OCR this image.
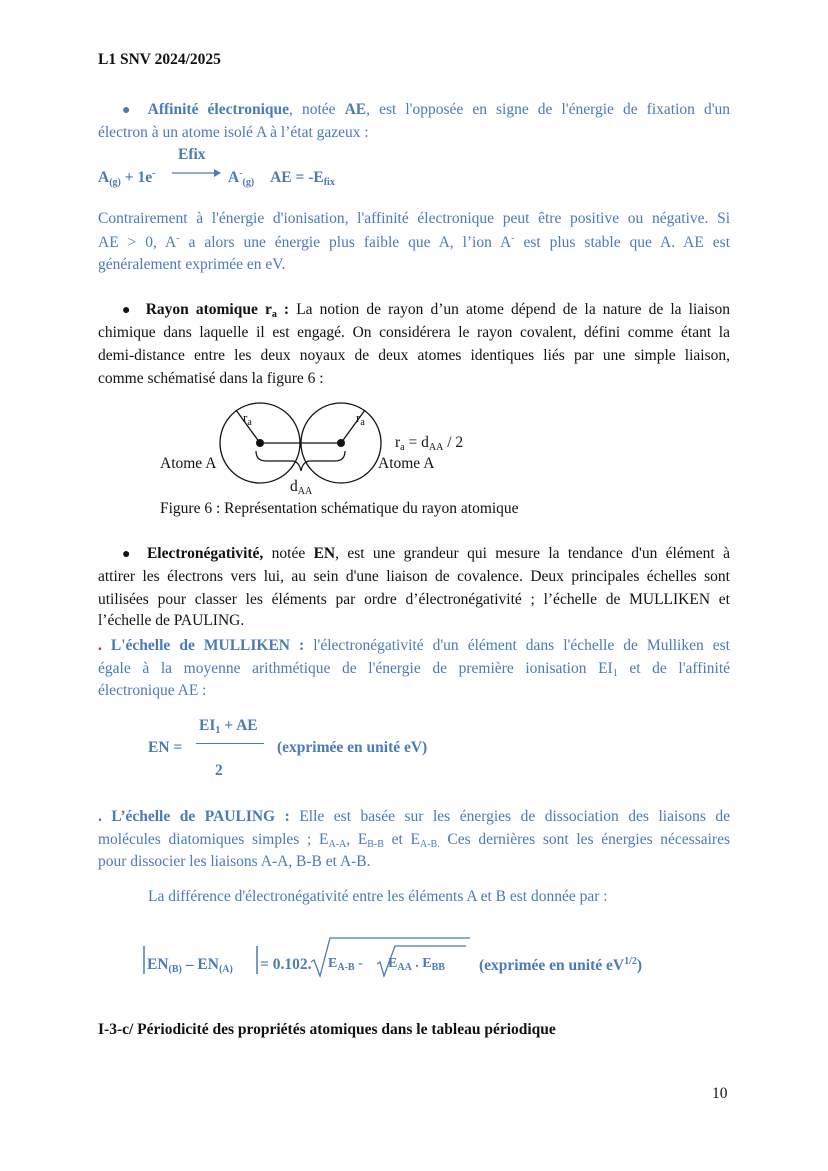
L1 SNV 2024/2025
● Affinité électronique, notée AE, est l'opposée en signe de l'énergie de fixation d'un
électron à un atome isolé A à l’état gazeux :
Efix
$A_{(g)} + 1e^- \to A^-_{(g)}$ AE = $-E_{fix}$
Contrairement à l'énergie d'ionisation, l'affinité électronique peut être positive ou négative. Si
AE > 0, A- a alors une énergie plus faible que A, l’ion A- est plus stable que A. AE est
généralement exprimée en eV.
● Rayon atomique $r_a$ : La notion de rayon d’un atome dépend de la nature de la liaison
chimique dans laquelle il est engagé. On considérera le rayon covalent, défini comme étant la
demi-distance entre les deux noyaux de deux atomes identiques liés par une simple liaison,
comme schématisé dans la figure 6 :
$r_a$	$r_a$
$r_a = d_{AA} / 2$
Atome A	Atome A
$d_{AA}$
Figure 6 : Représentation schématique du rayon atomique
● Electronégativité, notée EN, est une grandeur qui mesure la tendance d'un élément à
attirer les électrons vers lui, au sein d'une liaison de covalence. Deux principales échelles sont
utilisées pour classer les éléments par ordre d’électronégativité ; l’échelle de MULLIKEN et
l’échelle de PAULING.
. L'échelle de MULLIKEN : l'électronégativité d'un élément dans l'échelle de Mulliken est
égale à la moyenne arithmétique de l'énergie de première ionisation $EI_1$ et de l'affinité
électronique AE :
$EI_1$ + AE
EN =	(exprimée en unité eV)
2
. L’échelle de PAULING : Elle est basée sur les énergies de dissociation des liaisons de
molécules diatomiques simples ; $E_{A-A}$, $E_{B-B}$ et $E_{A-B.}$ Ces dernières sont les énergies nécessaires
pour dissocier les liaisons A-A, B-B et A-B.
La différence d'électronégativité entre les éléments A et B est donnée par :
$EN_{(B)} - EN_{(A)} = 0.102$. $E_{A-B} - E_{AA}$ . $E_{BB}$ (exprimée en unité $eV^{1/2}$)
I-3-c/ Périodicité des propriétés atomiques dans le tableau périodique
10
